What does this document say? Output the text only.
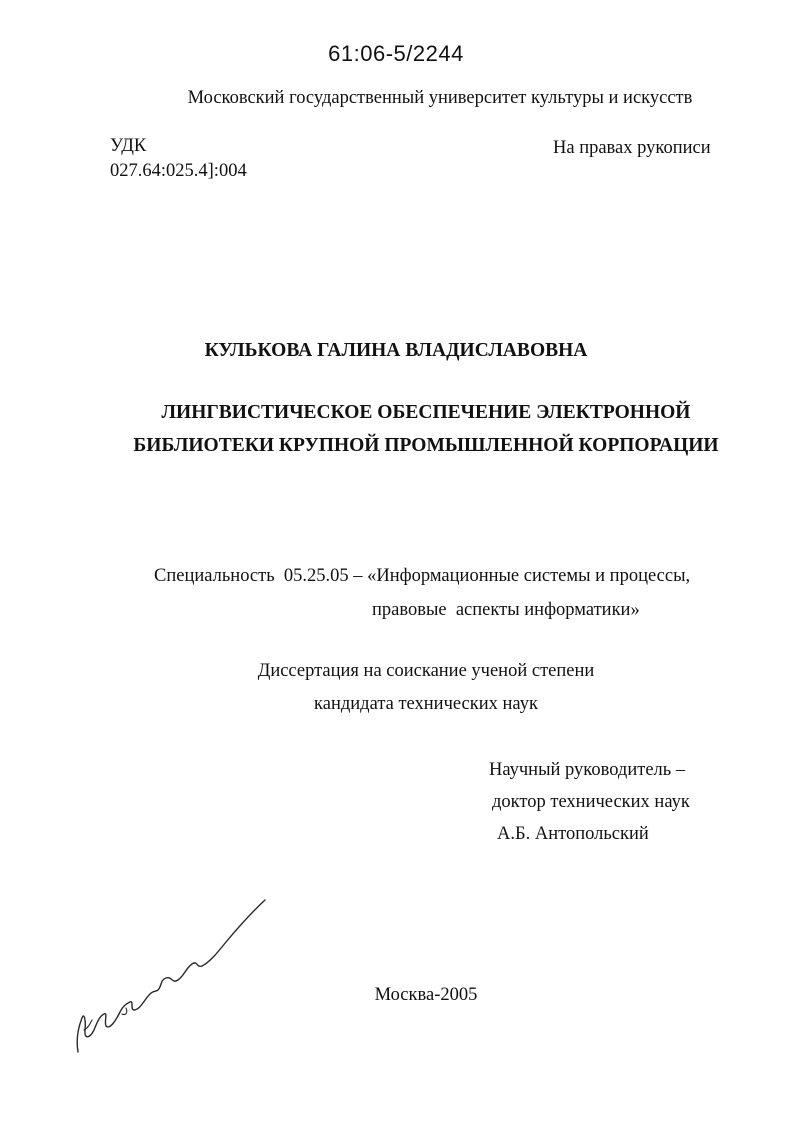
61:06-5/2244
Московский государственный университет культуры и искусств
УДК
027.64:025.4]:004
На правах рукописи
КУЛЬКОВА ГАЛИНА ВЛАДИСЛАВОВНА
ЛИНГВИСТИЧЕСКОЕ ОБЕСПЕЧЕНИЕ ЭЛЕКТРОННОЙ
БИБЛИОТЕКИ КРУПНОЙ ПРОМЫШЛЕННОЙ КОРПОРАЦИИ
Специальность  05.25.05 – «Информационные системы и процессы,
правовые  аспекты информатики»
Диссертация на соискание ученой степени
кандидата технических наук
Научный руководитель –
доктор технических наук
А.Б. Антопольский
Москва-2005
